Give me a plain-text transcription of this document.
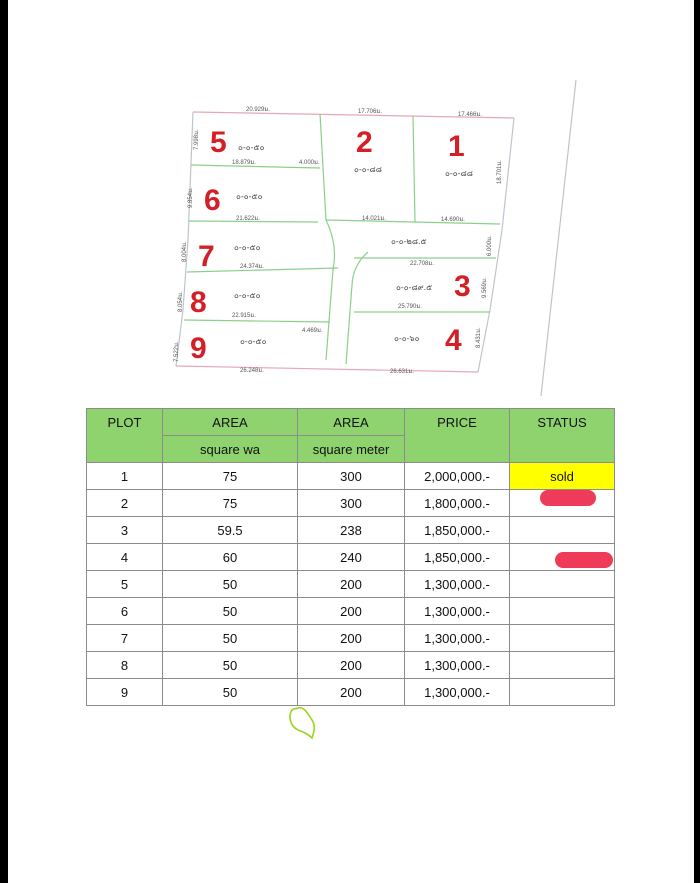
20.929ม.	17.706ม.	17.466ม.
18.879ม.	4.000ม.
21.622ม.	14.021ม.	14.690ม.
24.374ม.	22.708ม.
22.915ม.
25.790ม.
4.469ม.
26.248ม.	26.631ม.
7.998ม.
9.854ม.
8.004ม.
8.054ม.
7.522ม.
18.701ม.
6.000ม.
9.569ม.
8.431ม.
5	2	1
6
7
3
8
4
9
๐-๐-๕๐
๐-๐-๘๘	๐-๐-๘๘
๐-๐-๕๐
๐-๐-๕๐
๐-๐-๒๘.๕
๐-๐-๘๙.๕
๐-๐-๕๐
๐-๐-๖๐
๐-๐-๕๐
PLOT	AREA	AREA	PRICE	STATUS
	square wa	square meter		
1	75	300	2,000,000.-	sold
2	75	300	1,800,000.-	
3	59.5	238	1,850,000.-	
4	60	240	1,850,000.-	
5	50	200	1,300,000.-	
6	50	200	1,300,000.-	
7	50	200	1,300,000.-	
8	50	200	1,300,000.-	
9	50	200	1,300,000.-	
